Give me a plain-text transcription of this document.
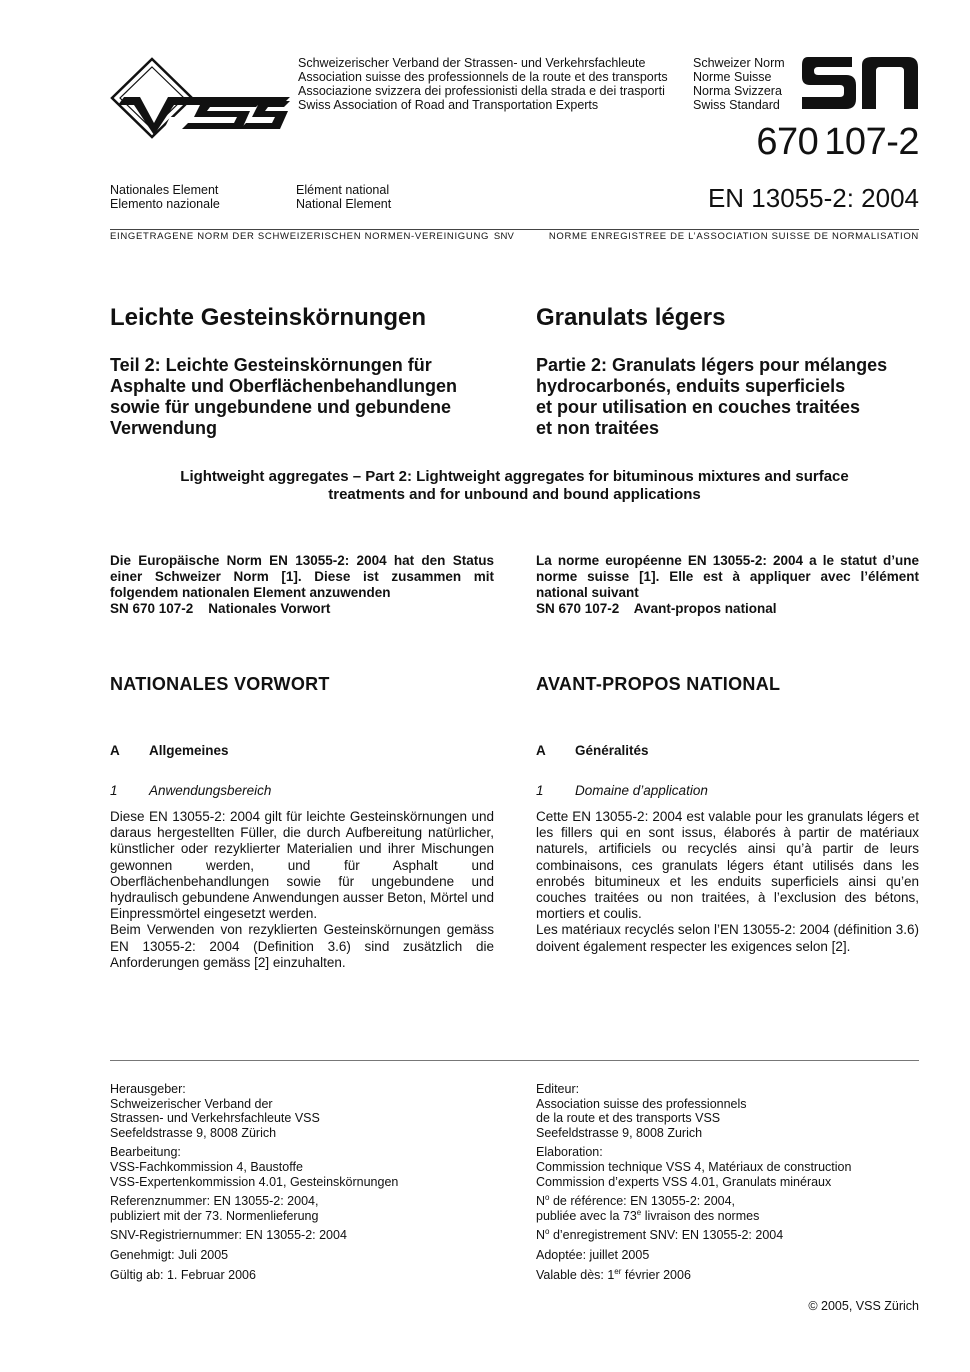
Schweizerischer Verband der Strassen- und Verkehrsfachleute
Association suisse des professionnels de la route et des transports
Associazione svizzera dei professionisti della strada e dei trasporti
Swiss Association of Road and Transportation Experts
Schweizer Norm
Norme Suisse
Norma Svizzera
Swiss Standard
670 107-2
EN 13055-2: 2004
Nationales Element
Elemento nazionale
Elément national
National Element
EINGETRAGENE NORM DER SCHWEIZERISCHEN NORMEN-VEREINIGUNG SNV	NORME ENREGISTREE DE L’ASSOCIATION SUISSE DE NORMALISATION
Leichte Gesteinskörnungen	Granulats légers
Teil 2: Leichte Gesteinskörnungen für
Asphalte und Oberflächenbehandlungen
sowie für ungebundene und gebundene
Verwendung
Partie 2: Granulats légers pour mélanges
hydrocarbonés, enduits superficiels
et pour utilisation en couches traitées
et non traitées
Lightweight aggregates – Part 2: Lightweight aggregates for bituminous mixtures and surface
treatments and for unbound and bound applications
Die Europäische Norm EN 13055-2: 2004 hat den Status einer Schweizer Norm [1]. Diese ist zusammen mit folgendem nationalen Element anzuwenden
SN 670 107-2    Nationales Vorwort
La norme européenne EN 13055-2: 2004 a le statut d’une norme suisse [1]. Elle est à appliquer avec l’élément national suivant
SN 670 107-2    Avant-propos national
NATIONALES VORWORT	AVANT-PROPOS NATIONAL
A Allgemeines	A Généralités
1 Anwendungsbereich	1 Domaine d’application

Diese EN 13055-2: 2004 gilt für leichte Gesteinskörnungen und daraus hergestellten Füller, die durch Aufbereitung natürlicher, künstlicher oder rezyklierter Materialien und ihrer Mischungen gewonnen werden, und für Asphalt und Oberflächenbehandlungen sowie für ungebundene und hydraulisch gebundene Anwendungen ausser Beton, Mörtel und Einpressmörtel eingesetzt werden.

Beim Verwenden von rezyklierten Gesteinskörnungen gemäss EN 13055-2: 2004 (Definition 3.6) sind zusätzlich die Anforderungen gemäss [2] einzuhalten.

Cette EN 13055-2: 2004 est valable pour les granulats légers et les fillers qui en sont issus, élaborés à partir de matériaux naturels, artificiels ou recyclés ainsi qu’à partir de leurs combinaisons, ces granulats légers étant utilisés dans les enrobés bitumineux et les enduits superficiels ainsi qu’en couches traitées ou non traitées, à l’exclusion des bétons, mortiers et coulis.

Les matériaux recyclés selon l’EN 13055-2: 2004 (définition 3.6) doivent également respecter les exigences selon [2].

Herausgeber:
Schweizerischer Verband der
Strassen- und Verkehrsfachleute VSS
Seefeldstrasse 9, 8008 Zürich
Bearbeitung:
VSS-Fachkommission 4, Baustoffe
VSS-Expertenkommission 4.01, Gesteinskörnungen
Referenznummer: EN 13055-2: 2004,
publiziert mit der 73. Normenlieferung
SNV-Registriernummer: EN 13055-2: 2004
Genehmigt: Juli 2005
Gültig ab: 1. Februar 2006
Editeur:
Association suisse des professionnels
de la route et des transports VSS
Seefeldstrasse 9, 8008 Zurich
Elaboration:
Commission technique VSS 4, Matériaux de construction
Commission d’experts VSS 4.01, Granulats minéraux
$N^o$ de référence: EN 13055-2: 2004,
publiée avec la 73e livraison des normes
$N^o$ d’enregistrement SNV: EN 13055-2: 2004
Adoptée: juillet 2005
Valable dès: 1er février 2006
© 2005, VSS Zürich
